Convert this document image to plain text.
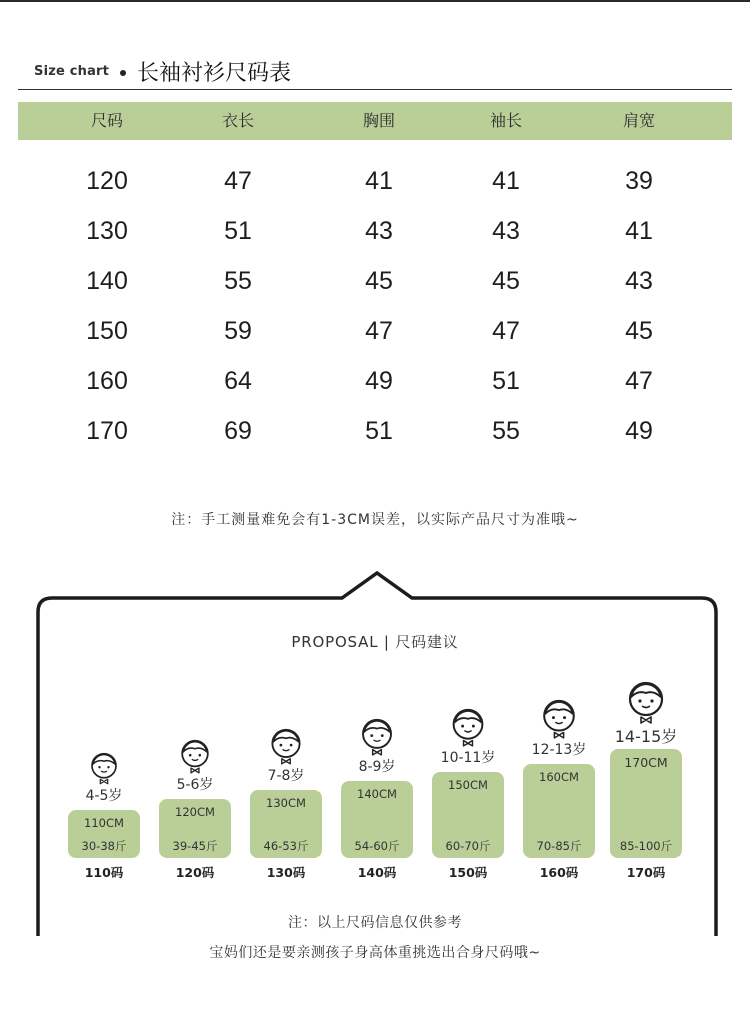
Size chart 长袖衬衫尺码表
尺码	衣长	胸围	袖长	肩宽
120	47	41	41	39
130	51	43	43	41
140	55	45	45	43
150	59	47	47	45
160	64	49	51	47
170	69	51	55	49
注：手工测量难免会有1-3CM误差，以实际产品尺寸为准哦~
PROPOSAL | 尺码建议
4-5岁
110CM
30-38斤
110码
5-6岁
120CM
39-45斤
120码
7-8岁
130CM
46-53斤
130码
8-9岁
140CM
54-60斤
140码
10-11岁
150CM
60-70斤
150码
12-13岁
160CM
70-85斤
160码
14-15岁
170CM
85-100斤
170码
注：以上尺码信息仅供参考
宝妈们还是要亲测孩子身高体重挑选出合身尺码哦~
